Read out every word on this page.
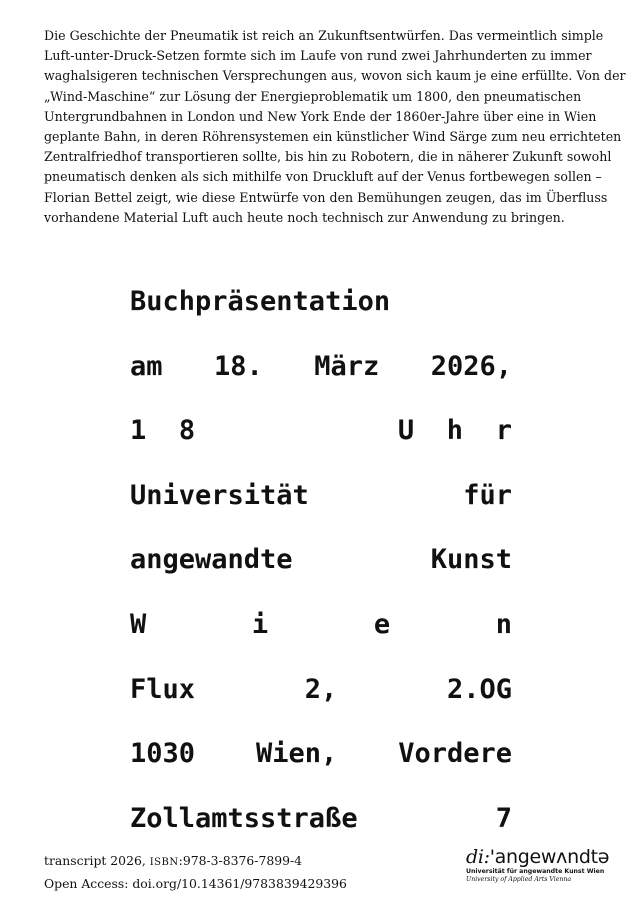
Die Geschichte der Pneumatik ist reich an Zukunftsentwürfen. Das vermeintlich simple
Luft-unter-Druck-Setzen formte sich im Laufe von rund zwei Jahrhunderten zu immer
waghalsigeren technischen Versprechungen aus, wovon sich kaum je eine erfüllte. Von der
„Wind-Maschine“ zur Lösung der Energieproblematik um 1800, den pneumatischen
Untergrundbahnen in London und New York Ende der 1860er-Jahre über eine in Wien
geplante Bahn, in deren Röhrensystemen ein künstlicher Wind Särge zum neu errichteten
Zentralfriedhof transportieren sollte, bis hin zu Robotern, die in näherer Zukunft sowohl
pneumatisch denken als sich mithilfe von Druckluft auf der Venus fortbewegen sollen –
Florian Bettel zeigt, wie diese Entwürfe von den Bemühungen zeugen, das im Überfluss
vorhandene Material Luft auch heute noch technisch zur Anwendung zu bringen.
Buchpräsentation
am 18. März 2026,
1 8	U h r
Universität	für
angewandte	Kunst
W	i	e	n
Flux	2,	2.OG
1030 Wien, Vordere
Zollamtsstraße	7
transcript 2026, ISBN:978-3-8376-7899-4
Open Access: doi.org/10.14361/9783839429396
di:'angewʌndtə
Universität für angewandte Kunst Wien
University of Applied Arts Vienna
